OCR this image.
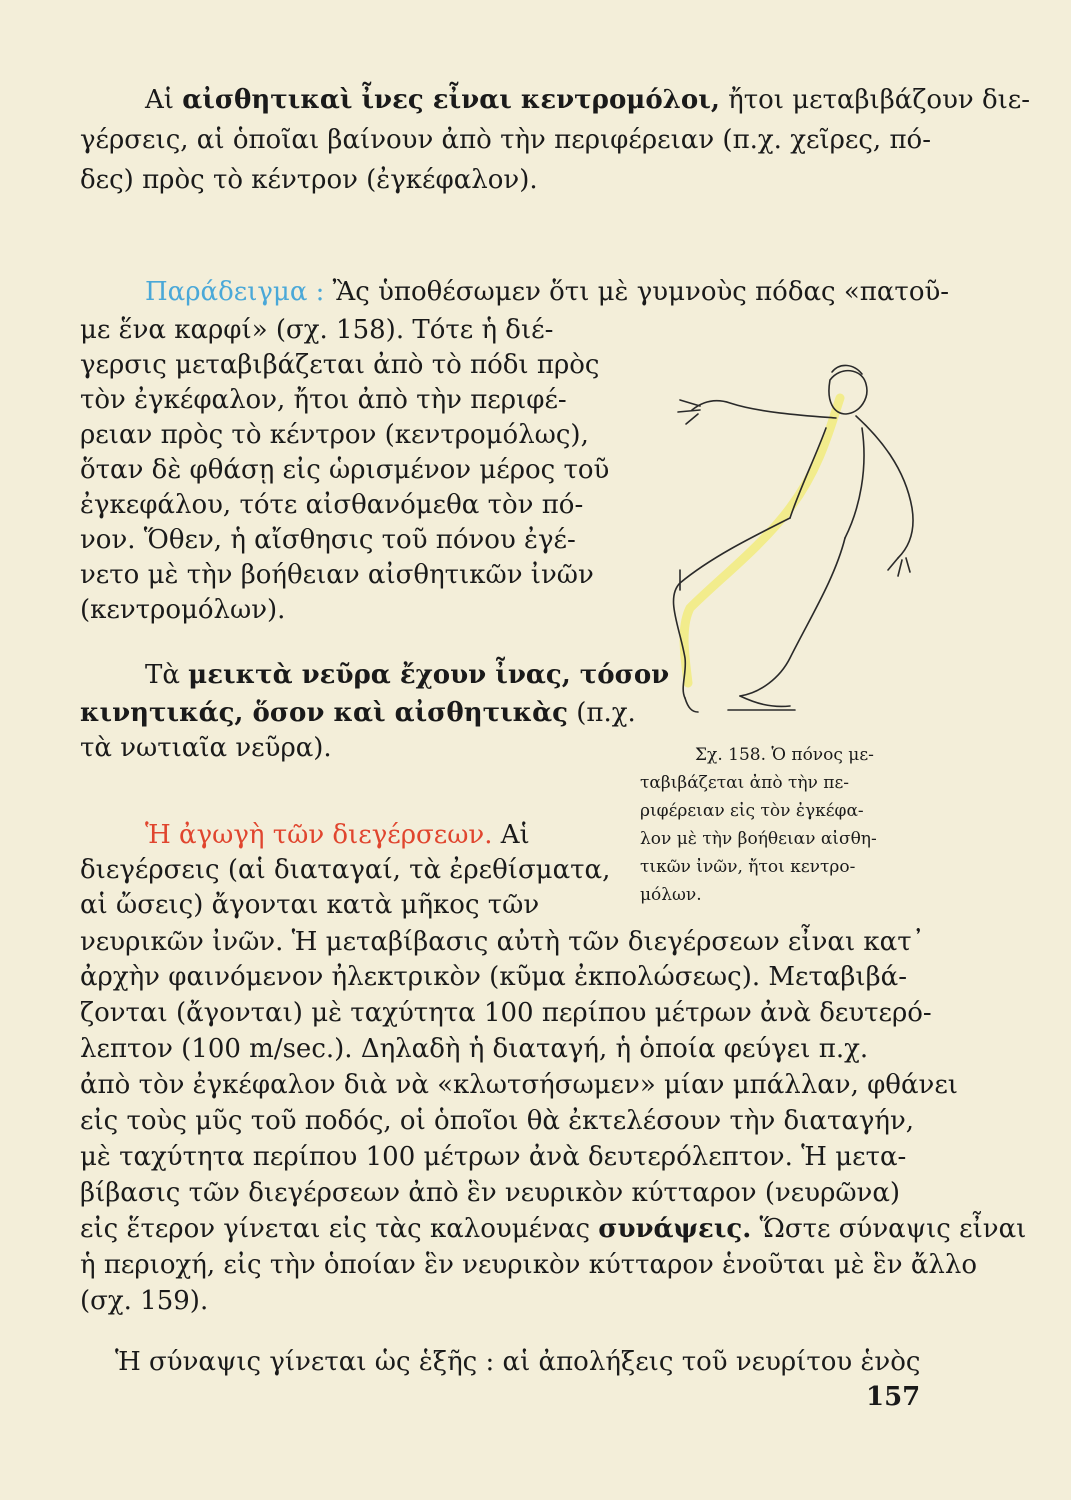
Αἱ αἰσθητικαὶ ἶνες εἶναι κεντρομόλοι, ἤτοι μεταβιβάζουν διε-
γέρσεις, αἱ ὁποῖαι βαίνουν ἀπὸ τὴν περιφέρειαν (π.χ. χεῖρες, πό-
δες) πρὸς τὸ κέντρον (ἐγκέφαλον).
Παράδειγμα : Ἂς ὑποθέσωμεν ὅτι μὲ γυμνοὺς πόδας «πατοῦ-
με ἕνα καρφί» (σχ. 158). Τότε ἡ διέ-
γερσις μεταβιβάζεται ἀπὸ τὸ πόδι πρὸς
τὸν ἐγκέφαλον, ἤτοι ἀπὸ τὴν περιφέ-
ρειαν πρὸς τὸ κέντρον (κεντρομόλως),
ὅταν δὲ φθάσῃ εἰς ὡρισμένον μέρος τοῦ
ἐγκεφάλου, τότε αἰσθανόμεθα τὸν πό-
νον. Ὅθεν, ἡ αἴσθησις τοῦ πόνου ἐγέ-
νετο μὲ τὴν βοήθειαν αἰσθητικῶν ἰνῶν
(κεντρομόλων).
Τὰ μεικτὰ νεῦρα ἔχουν ἶνας, τόσον
κινητικάς, ὅσον καὶ αἰσθητικὰς (π.χ.
τὰ νωτιαῖα νεῦρα).
Ἡ ἀγωγὴ τῶν διεγέρσεων. Αἱ
διεγέρσεις (αἱ διαταγαί, τὰ ἐρεθίσματα,
αἱ ὤσεις) ἄγονται κατὰ μῆκος τῶν
νευρικῶν ἰνῶν. Ἡ μεταβίβασις αὐτὴ τῶν διεγέρσεων εἶναι κατ᾽
ἀρχὴν φαινόμενον ἠλεκτρικὸν (κῦμα ἐκπολώσεως). Μεταβιβά-
ζονται (ἄγονται) μὲ ταχύτητα 100 περίπου μέτρων ἀνὰ δευτερό-
λεπτον (100 m/sec.). Δηλαδὴ ἡ διαταγή, ἡ ὁποία φεύγει π.χ.
ἀπὸ τὸν ἐγκέφαλον διὰ νὰ «κλωτσήσωμεν» μίαν μπάλλαν, φθάνει
εἰς τοὺς μῦς τοῦ ποδός, οἱ ὁποῖοι θὰ ἐκτελέσουν τὴν διαταγήν,
μὲ ταχύτητα περίπου 100 μέτρων ἀνὰ δευτερόλεπτον. Ἡ μετα-
βίβασις τῶν διεγέρσεων ἀπὸ ἓν νευρικὸν κύτταρον (νευρῶνα)
εἰς ἕτερον γίνεται εἰς τὰς καλουμένας συνάψεις. Ὥστε σύναψις εἶναι
ἡ περιοχή, εἰς τὴν ὁποίαν ἓν νευρικὸν κύτταρον ἑνοῦται μὲ ἓν ἄλλο
(σχ. 159).
Ἡ σύναψις γίνεται ὡς ἑξῆς : αἱ ἀπολήξεις τοῦ νευρίτου ἑνὸς
Σχ. 158. Ὁ πόνος με-
ταβιβάζεται ἀπὸ τὴν πε-
ριφέρειαν εἰς τὸν ἐγκέφα-
λον μὲ τὴν βοήθειαν αἰσθη-
τικῶν ἰνῶν, ἤτοι κεντρο-
μόλων.
157
